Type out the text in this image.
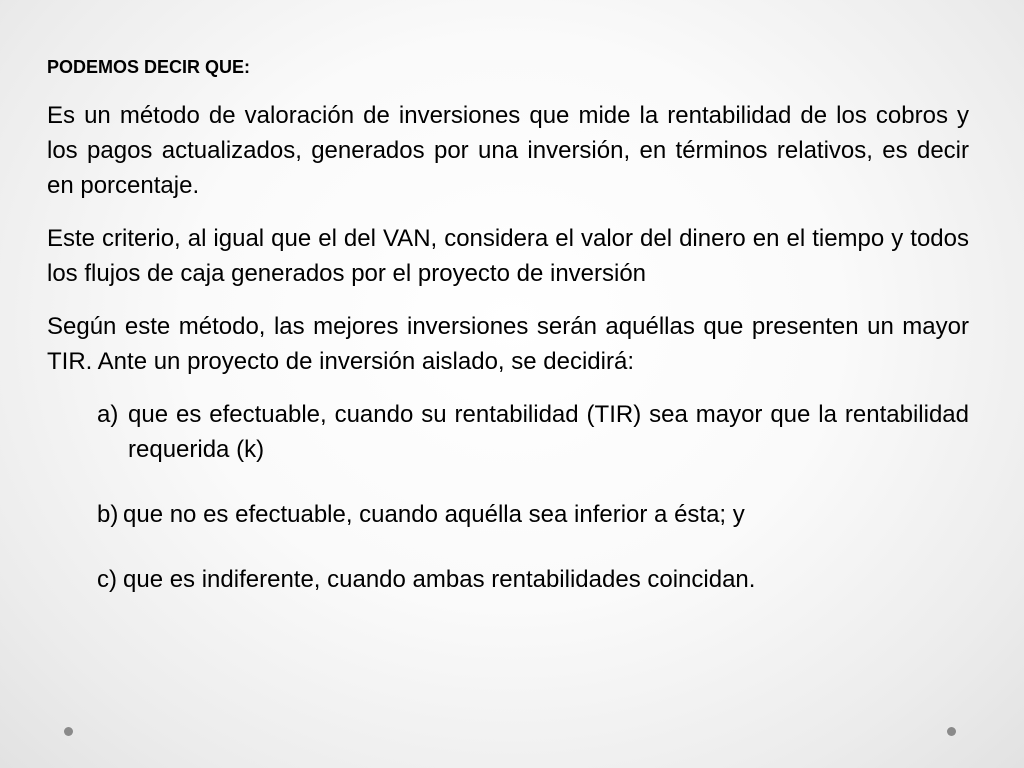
PODEMOS DECIR QUE:

Es un método de valoración de inversiones que mide la rentabilidad de los cobros y los pagos actualizados, generados por una inversión, en términos relativos, es decir en porcentaje.

Este criterio, al igual que el del VAN, considera el valor del dinero en el tiempo y todos los flujos de caja generados por el proyecto de inversión

Según este método, las mejores inversiones serán aquéllas que presenten un mayor TIR. Ante un proyecto de inversión aislado, se decidirá:

a) que es efectuable, cuando su rentabilidad (TIR) sea mayor que la rentabilidad requerida (k)
b) que no es efectuable, cuando aquélla sea inferior a ésta; y
c) que es indiferente, cuando ambas rentabilidades coincidan.
